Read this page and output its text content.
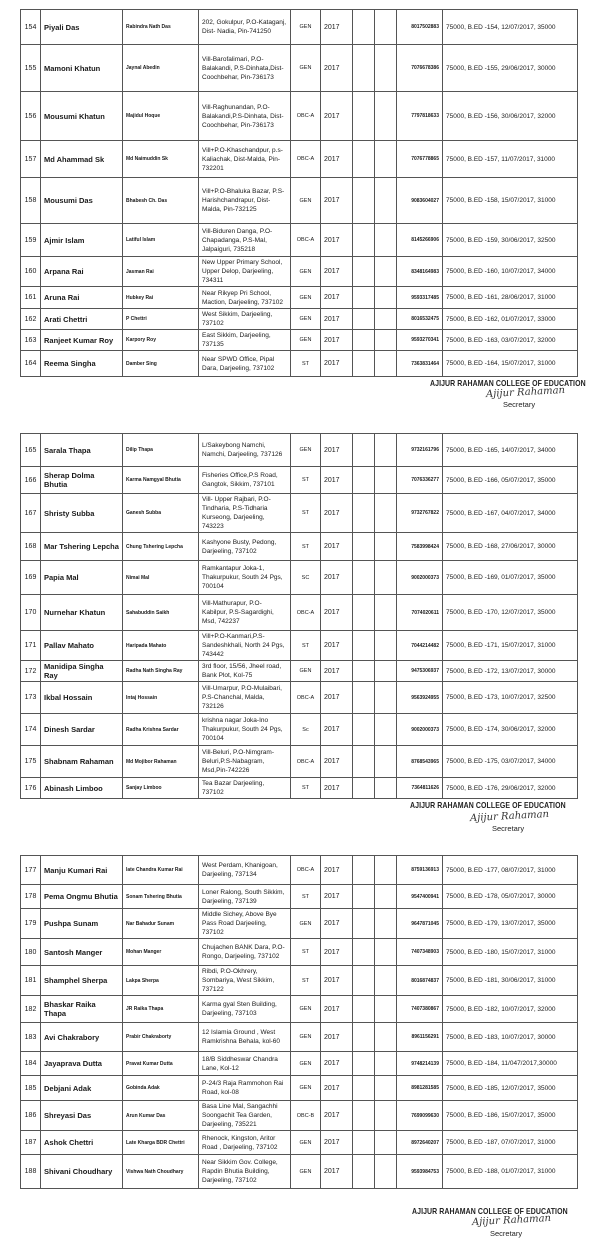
154	Piyali Das	Rabindra Nath Das	202, Gokulpur, P.O-Kataganj, Dist- Nadia, Pin-741250	GEN	2017			8017502883	75000, B.ED -154, 12/07/2017, 35000
155	Mamoni Khatun	Jaynal Abedin	Vill-Barofalimari, P.O-Balakandi, P.S-Dinhata,Dist-Coochbehar, Pin-736173	GEN	2017			7076678386	75000, B.ED -155, 29/06/2017, 30000
156	Mousumi Khatun	Majidul Hoque	Vill-Raghunandan, P.O-Balakandi,P.S-Dinhata, Dist- Coochbehar, Pin-736173	OBC-A	2017			7797818633	75000, B.ED -156, 30/06/2017, 32000
157	Md Ahammad Sk	Md Naimuddin Sk	Vill+P.O-Khaschandpur, p.s-Kaliachak, Dist-Malda, Pin-732201	OBC-A	2017			7076778865	75000, B.ED -157, 11/07/2017, 31000
158	Mousumi Das	Bhabesh Ch. Das	Vill+P.O-Bhaluka Bazar, P.S-Harishchandrapur, Dist- Malda, Pin-732125	GEN	2017			9083604027	75000, B.ED -158, 15/07/2017, 31000
159	Ajmir Islam	Latiful Islam	Vill-Biduren Danga, P.O-Chapadanga, P.S-Mal, Jalpaiguri, 735218	OBC-A	2017			8145266906	75000, B.ED -159, 30/06/2017, 32500
160	Arpana Rai	Jasman Rai	New Upper Primary School, Upper Delop, Darjeeling, 734311	GEN	2017			8348164983	75000, B.ED -160, 10/07/2017, 34000
161	Aruna Rai	Hubkey Rai	Near Rikyep Pri School, Maction, Darjeeling, 737102	GEN	2017			9593317485	75000, B.ED -161, 28/06/2017, 31000
162	Arati Chettri	P Chettri	West Sikkim, Darjeeling, 737102	GEN	2017			8016532475	75000, B.ED -162, 01/07/2017, 33000
163	Ranjeet Kumar Roy	Karpory Roy	East Sikkim, Darjeeling, 737135	GEN	2017			9593270341	75000, B.ED -163, 03/07/2017, 32000
164	Reema Singha	Damber Sing	Near SPWD Office, Pipal Dara, Darjeeling, 737102	ST	2017			7363831464	75000, B.ED -164, 15/07/2017, 31000
AJIJUR RAHAMAN COLLEGE OF EDUCATION
Ajijur Rahaman
Secretary
165	Sarala Thapa	Dilip Thapa	L/Sakeybong Namchi, Namchi, Darjeeling, 737126	GEN	2017			9732161796	75000, B.ED -165, 14/07/2017, 34000
166	Sherap Dolma Bhutia	Karma Namgyal Bhutia	Fisheries Office,P.S Road, Gangtok, Sikkim, 737101	ST	2017			7076336277	75000, B.ED -166, 05/07/2017, 35000
167	Shristy Subba	Ganesh Subba	Vill- Upper Rajbari, P.O-Tindharia, P.S-Tidharia Kurseong, Darjeeling, 743223	ST	2017			9732767822	75000, B.ED -167, 04/07/2017, 34000
168	Mar Tshering Lepcha	Chung Tshering Lepcha	Kashyone Busty, Pedong, Darjeeling, 737102	ST	2017			7583998424	75000, B.ED -168, 27/06/2017, 30000
169	Papia Mal	Nimai Mal	Ramkantapur Joka-1, Thakurpukur, South 24 Pgs, 700104	SC	2017			9002000373	75000, B.ED -169, 01/07/2017, 35000
170	Nurnehar Khatun	Sahabuddin Saikh	Vill-Mathurapur, P.O-Kabilpur, P.S-Sagardighi, Msd, 742237	OBC-A	2017			7074020611	75000, B.ED -170, 12/07/2017, 35000
171	Pallav Mahato	Haripada Mahato	Vill+P.O-Kanmari,P.S-Sandeshkhali, North 24 Pgs, 743442	ST	2017			7044214482	75000, B.ED -171, 15/07/2017, 31000
172	Manidipa Singha Ray	Radha Nath Singha Ray	3rd floor, 15/56, Jheel road, Bank Plot, Kol-75	GEN	2017			9475306937	75000, B.ED -172, 13/07/2017, 30000
173	Ikbal Hossain	Intaj Hossain	Vill-Umarpur, P.O-Mulaibari, P.S-Chanchal, Malda, 732126	OBC-A	2017			9563924955	75000, B.ED -173, 10/07/2017, 32500
174	Dinesh Sardar	Radha Krishna Sardar	krishna nagar Joka-Ino Thakurpukur, South 24 Pgs, 700104	Sc	2017			9002000373	75000, B.ED -174, 30/06/2017, 32000
175	Shabnam Rahaman	Md Mojibor Rahaman	Vill-Beluri, P.O-Nimgram-Beluri,P.S-Nabagram, Msd,Pin-742226	OBC-A	2017			8768543965	75000, B.ED -175, 03/07/2017, 34000
176	Abinash Limboo	Sanjay Limboo	Tea Bazar Darjeeling, 737102	ST	2017			7364811626	75000, B.ED -176, 29/06/2017, 32000
AJIJUR RAHAMAN COLLEGE OF EDUCATION
Ajijur Rahaman
Secretary
177	Manju Kumari Rai	late Chandra Kumar Rai	West Perdam, Khanigoan, Darjeeling, 737134	OBC-A	2017			8759136913	75000, B.ED -177, 08/07/2017, 31000
178	Pema Ongmu Bhutia	Sonam Tshering Bhutia	Loner Ralong, South Sikkim, Darjeeling, 737139	ST	2017			9547400941	75000, B.ED -178, 05/07/2017, 30000
179	Pushpa Sunam	Nar Bahadur Sunam	Middle Sichey, Above Bye Pass Road Darjeeling, 737102	GEN	2017			9647871045	75000, B.ED -179, 13/07/2017, 35000
180	Santosh Manger	Mohan Manger	Chujachen BANK Dara, P.O-Rongo, Darjeeling, 737102	ST	2017			7407348903	75000, B.ED -180, 15/07/2017, 31000
181	Shamphel Sherpa	Lakpa Sherpa	Ribdi, P.O-Okhrery, Sombariya, West Sikkim, 737122	ST	2017			8016874837	75000, B.ED -181, 30/06/2017, 31000
182	Bhaskar Raika Thapa	JR Raika Thapa	Karma gyal Sten Building, Darjeeling, 737103	GEN	2017			7407380867	75000, B.ED -182, 10/07/2017, 32000
183	Avi Chakrabory	Prabir Chakraborty	12 Islamia Ground , West Ramkrishna Behala, kol-60	GEN	2017			8961156291	75000, B.ED -183, 10/07/2017, 30000
184	Jayaprava Dutta	Pravat Kumar Dutta	18/B Siddheswar Chandra Lane, Kol-12	GEN	2017			9748214139	75000, B.ED -184, 11/047/2017,30000
185	Debjani Adak	Gobinda Adak	P-24/3 Raja Rammohon Rai Road, kol-08	GEN	2017			8981281585	75000, B.ED -185, 12/07/2017, 35000
186	Shreyasi Das	Arun Kumar Das	Basa Line Mal, Sangachhi Soongachit Tea Garden, Darjeeling, 735221	OBC-B	2017			7699099630	75000, B.ED -186, 15/07/2017, 35000
187	Ashok Chettri	Late Kharga BDR Chettri	Rhenock, Kingston, Aritor Road , Darjeeling, 737102	GEN	2017			8972640207	75000, B.ED -187, 07/07/2017, 31000
188	Shivani Choudhary	Vishwa Nath Choudhary	Near Sikkim Gov. College, Rapdin Bhutia Building, Darjeeling, 737102	GEN	2017			9593984753	75000, B.ED -188, 01/07/2017, 31000
AJIJUR RAHAMAN COLLEGE OF EDUCATION
Ajijur Rahaman
Secretary
